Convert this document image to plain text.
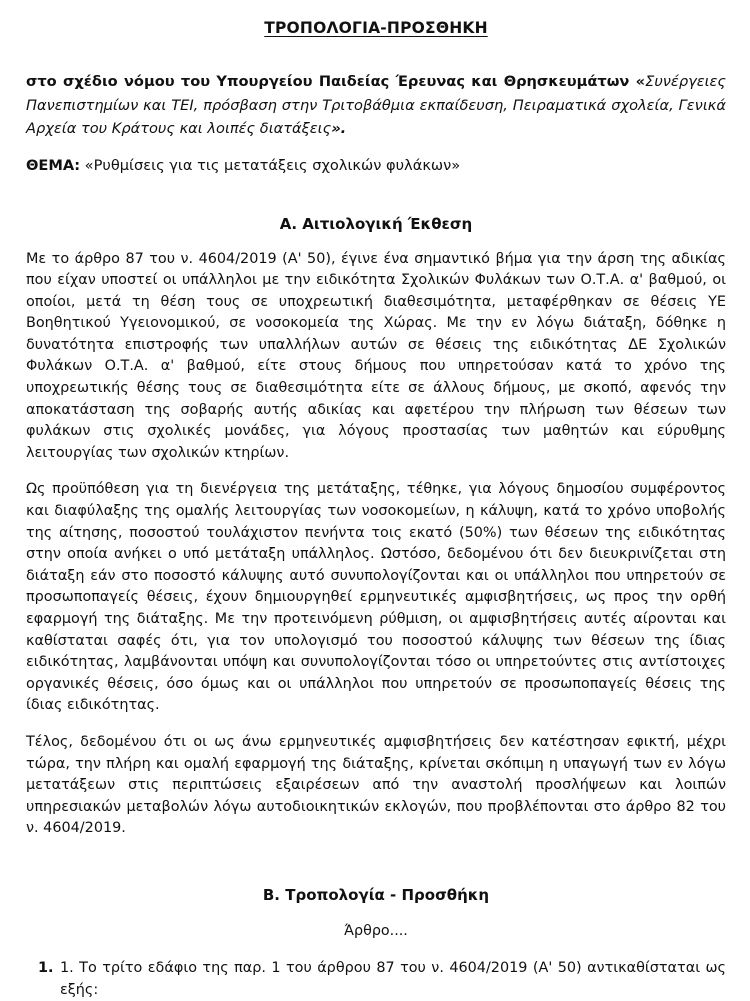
ΤΡΟΠΟΛΟΓΙΑ-ΠΡΟΣΘΗΚΗ

στο σχέδιο νόμου του Υπουργείου Παιδείας Έρευνας και Θρησκευμάτων «Συνέργειες Πανεπιστημίων και ΤΕΙ, πρόσβαση στην Τριτοβάθμια εκπαίδευση, Πειραματικά σχολεία, Γενικά Αρχεία του Κράτους και λοιπές διατάξεις».

ΘΕΜΑ: «Ρυθμίσεις για τις μετατάξεις σχολικών φυλάκων»

Α. Αιτιολογική Έκθεση

Με το άρθρο 87 του ν. 4604/2019 (Α' 50), έγινε ένα σημαντικό βήμα για την άρση της αδικίας που είχαν υποστεί οι υπάλληλοι με την ειδικότητα Σχολικών Φυλάκων των Ο.Τ.Α. α' βαθμού, οι οποίοι, μετά τη θέση τους σε υποχρεωτική διαθεσιμότητα, μεταφέρθηκαν σε θέσεις ΥΕ Βοηθητικού Υγειονομικού, σε νοσοκομεία της Χώρας. Με την εν λόγω διάταξη, δόθηκε η δυνατότητα επιστροφής των υπαλλήλων αυτών σε θέσεις της ειδικότητας ΔΕ Σχολικών Φυλάκων Ο.Τ.Α. α' βαθμού, είτε στους δήμους που υπηρετούσαν κατά το χρόνο της υποχρεωτικής θέσης τους σε διαθεσιμότητα είτε σε άλλους δήμους, με σκοπό, αφενός την αποκατάσταση της σοβαρής αυτής αδικίας και αφετέρου την πλήρωση των θέσεων των φυλάκων στις σχολικές μονάδες, για λόγους προστασίας των μαθητών και εύρυθμης λειτουργίας των σχολικών κτηρίων.

Ως προϋπόθεση για τη διενέργεια της μετάταξης, τέθηκε, για λόγους δημοσίου συμφέροντος και διαφύλαξης της ομαλής λειτουργίας των νοσοκομείων, η κάλυψη, κατά το χρόνο υποβολής της αίτησης, ποσοστού τουλάχιστον πενήντα τοις εκατό (50%) των θέσεων της ειδικότητας στην οποία ανήκει ο υπό μετάταξη υπάλληλος. Ωστόσο, δεδομένου ότι δεν διευκρινίζεται στη διάταξη εάν στο ποσοστό κάλυψης αυτό συνυπολογίζονται και οι υπάλληλοι που υπηρετούν σε προσωποπαγείς θέσεις, έχουν δημιουργηθεί ερμηνευτικές αμφισβητήσεις, ως προς την ορθή εφαρμογή της διάταξης. Με την προτεινόμενη ρύθμιση, οι αμφισβητήσεις αυτές αίρονται και καθίσταται σαφές ότι, για τον υπολογισμό του ποσοστού κάλυψης των θέσεων της ίδιας ειδικότητας, λαμβάνονται υπόψη και συνυπολογίζονται τόσο οι υπηρετούντες στις αντίστοιχες οργανικές θέσεις, όσο όμως και οι υπάλληλοι που υπηρετούν σε προσωποπαγείς θέσεις της ίδιας ειδικότητας.

Τέλος, δεδομένου ότι οι ως άνω ερμηνευτικές αμφισβητήσεις δεν κατέστησαν εφικτή, μέχρι τώρα, την πλήρη και ομαλή εφαρμογή της διάταξης, κρίνεται σκόπιμη η υπαγωγή των εν λόγω μετατάξεων στις περιπτώσεις εξαιρέσεων από την αναστολή προσλήψεων και λοιπών υπηρεσιακών μεταβολών λόγω αυτοδιοικητικών εκλογών, που προβλέπονται στο άρθρο 82 του ν. 4604/2019.

Β. Τροπολογία - Προσθήκη

Άρθρο....

1. 1. Το τρίτο εδάφιο της παρ. 1 του άρθρου 87 του ν. 4604/2019 (Α' 50) αντικαθίσταται ως εξής:
